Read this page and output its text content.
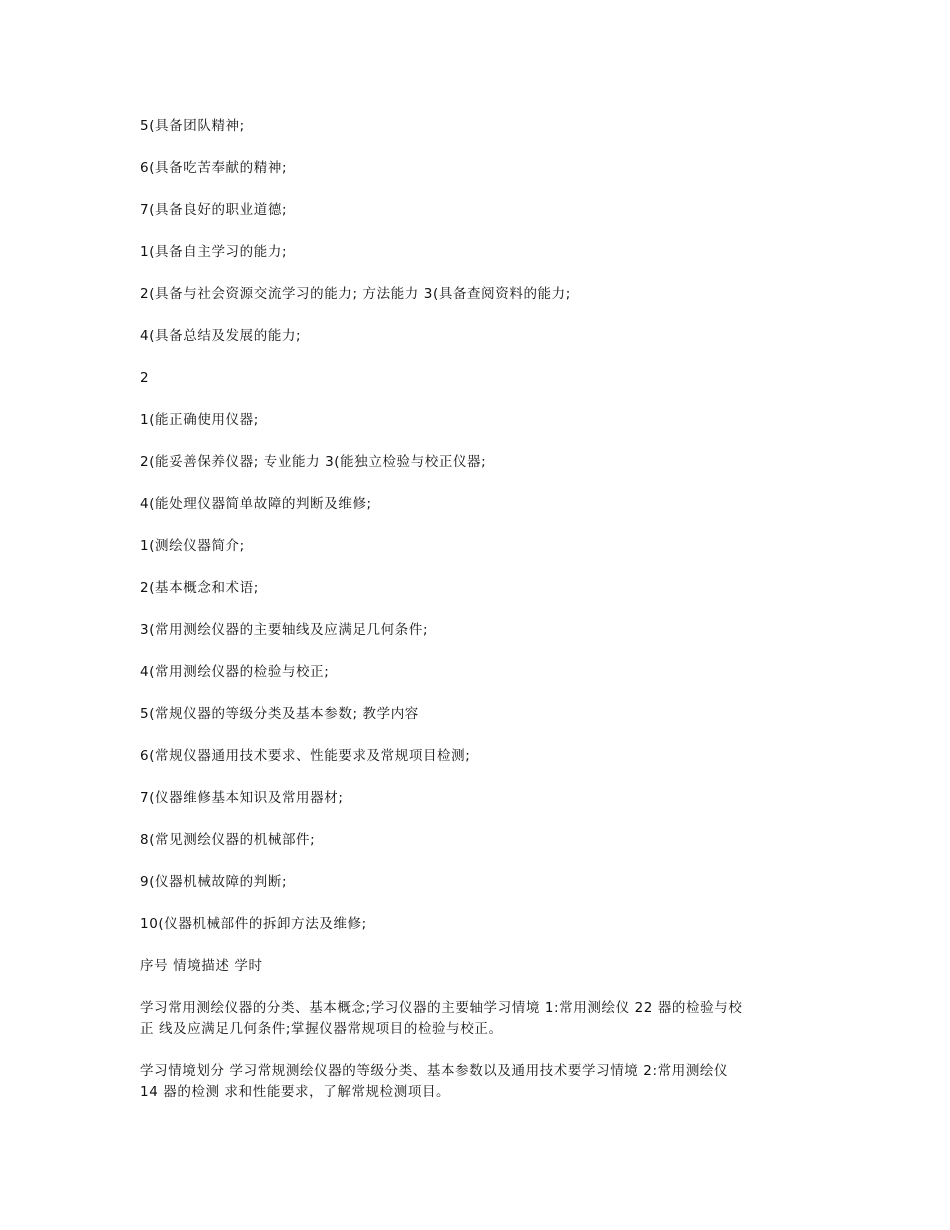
5(具备团队精神;
6(具备吃苦奉献的精神;
7(具备良好的职业道德;
1(具备自主学习的能力;
2(具备与社会资源交流学习的能力; 方法能力 3(具备查阅资料的能力;
4(具备总结及发展的能力;
2
1(能正确使用仪器;
2(能妥善保养仪器; 专业能力 3(能独立检验与校正仪器;
4(能处理仪器简单故障的判断及维修;
1(测绘仪器简介;
2(基本概念和术语;
3(常用测绘仪器的主要轴线及应满足几何条件;
4(常用测绘仪器的检验与校正;
5(常规仪器的等级分类及基本参数; 教学内容
6(常规仪器通用技术要求、性能要求及常规项目检测;
7(仪器维修基本知识及常用器材;
8(常见测绘仪器的机械部件;
9(仪器机械故障的判断;
10(仪器机械部件的拆卸方法及维修;
序号 情境描述 学时
学习常用测绘仪器的分类、基本概念;学习仪器的主要轴学习情境 1:常用测绘仪 22 器的检验与校
正 线及应满足几何条件;掌握仪器常规项目的检验与校正。
学习情境划分 学习常规测绘仪器的等级分类、基本参数以及通用技术要学习情境 2:常用测绘仪
14 器的检测 求和性能要求，了解常规检测项目。
